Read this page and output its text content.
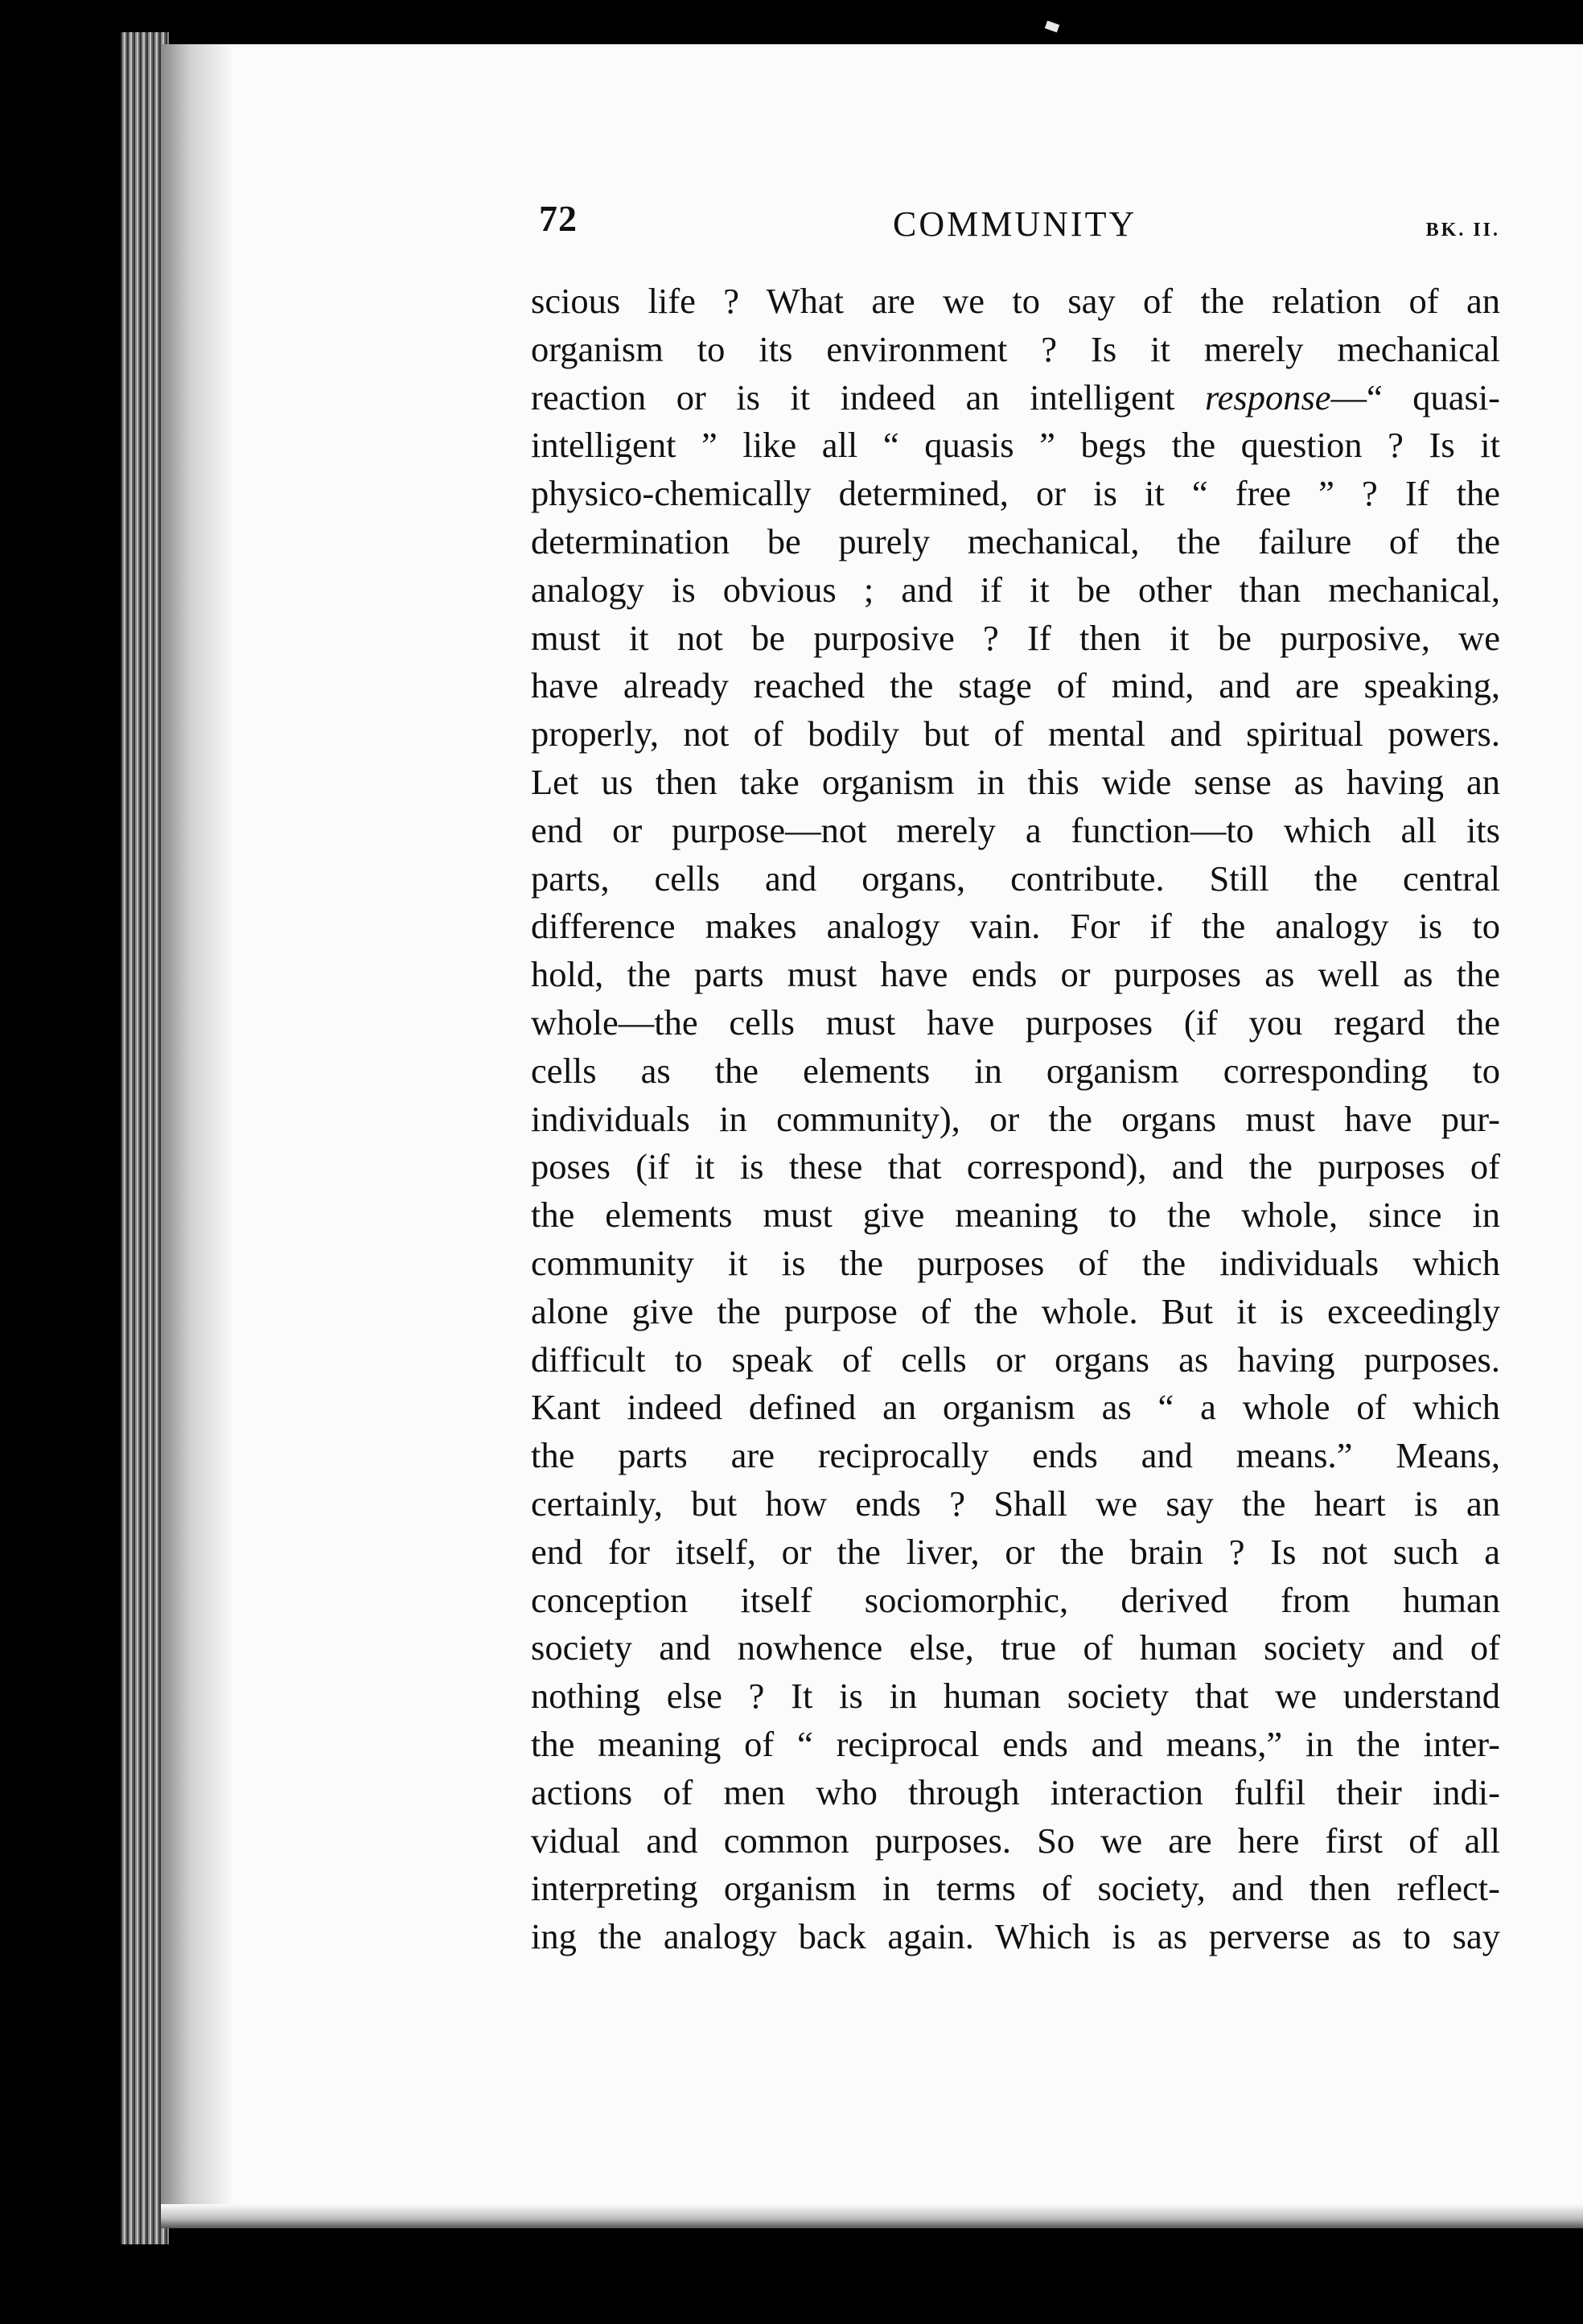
72	COMMUNITY	BK. II.
scious life ? What are we to say of the relation of an
organism to its environment ? Is it merely mechanical
reaction or is it indeed an intelligent response—“ quasi-
intelligent ” like all “ quasis ” begs the question ? Is it
physico-chemically determined, or is it “ free ” ? If the
determination be purely mechanical, the failure of the
analogy is obvious ; and if it be other than mechanical,
must it not be purposive ? If then it be purposive, we
have already reached the stage of mind, and are speaking,
properly, not of bodily but of mental and spiritual powers.
Let us then take organism in this wide sense as having an
end or purpose—not merely a function—to which all its
parts, cells and organs, contribute. Still the central
difference makes analogy vain. For if the analogy is to
hold, the parts must have ends or purposes as well as the
whole—the cells must have purposes (if you regard the
cells as the elements in organism corresponding to
individuals in community), or the organs must have pur-
poses (if it is these that correspond), and the purposes of
the elements must give meaning to the whole, since in
community it is the purposes of the individuals which
alone give the purpose of the whole. But it is exceedingly
difficult to speak of cells or organs as having purposes.
Kant indeed defined an organism as “ a whole of which
the parts are reciprocally ends and means.” Means,
certainly, but how ends ? Shall we say the heart is an
end for itself, or the liver, or the brain ? Is not such a
conception itself sociomorphic, derived from human
society and nowhence else, true of human society and of
nothing else ? It is in human society that we understand
the meaning of “ reciprocal ends and means,” in the inter-
actions of men who through interaction fulfil their indi-
vidual and common purposes. So we are here first of all
interpreting organism in terms of society, and then reflect-
ing the analogy back again. Which is as perverse as to say
